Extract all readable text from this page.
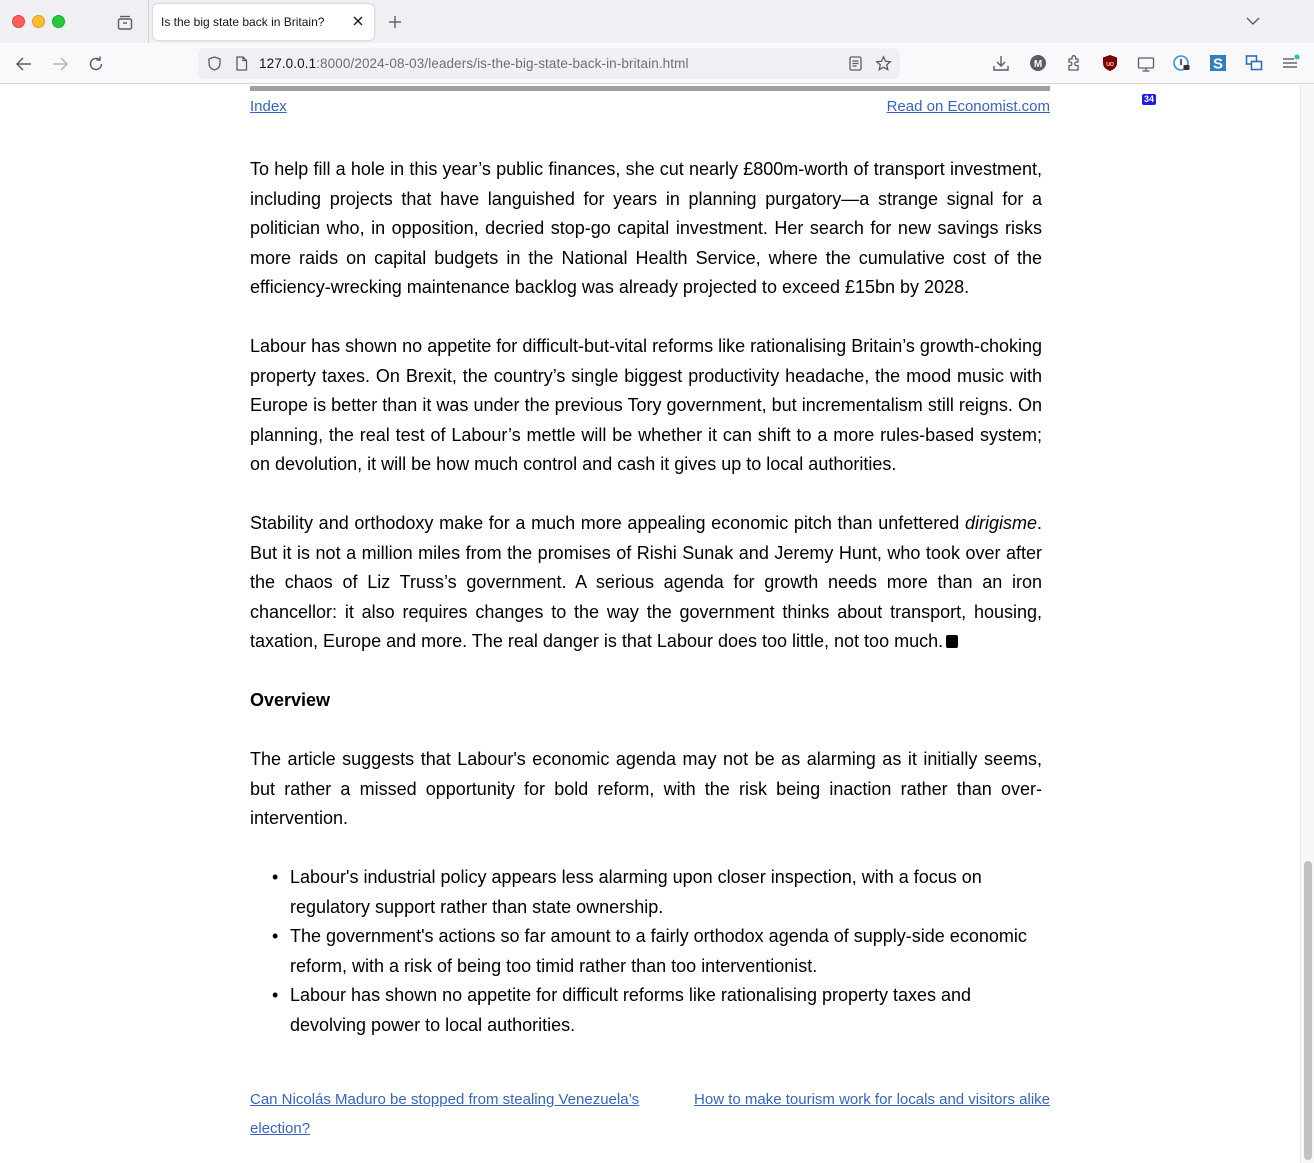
Is the big state back in Britain?
127.0.0.1:8000/2024-08-03/leaders/is-the-big-state-back-in-britain.html	M	uo
34
S
Index	Read on Economist.com

To help fill a hole in this year’s public finances, she cut nearly £800m-worth of transport investment, including projects that have languished for years in planning purgatory—a strange signal for a politician who, in opposition, decried stop-go capital investment. Her search for new savings risks more raids on capital budgets in the National Health Service, where the cumulative cost of the efficiency-wrecking maintenance backlog was already projected to exceed £15bn by 2028.

Labour has shown no appetite for difficult-but-vital reforms like rationalising Britain’s growth-choking property taxes. On Brexit, the country’s single biggest productivity headache, the mood music with Europe is better than it was under the previous Tory government, but incrementalism still reigns. On planning, the real test of Labour’s mettle will be whether it can shift to a more rules-based system; on devolution, it will be how much control and cash it gives up to local authorities.

Stability and orthodoxy make for a much more appealing economic pitch than unfettered dirigisme. But it is not a million miles from the promises of Rishi Sunak and Jeremy Hunt, who took over after the chaos of Liz Truss’s government. A serious agenda for growth needs more than an iron chancellor: it also requires changes to the way the government thinks about transport, housing, taxation, Europe and more. The real danger is that Labour does too little, not too much.

Overview

The article suggests that Labour's economic agenda may not be as alarming as it initially seems, but rather a missed opportunity for bold reform, with the risk being inaction rather than over-intervention.

• Labour's industrial policy appears less alarming upon closer inspection, with a focus on regulatory support rather than state ownership.
• The government's actions so far amount to a fairly orthodox agenda of supply-side economic reform, with a risk of being too timid rather than too interventionist.
• Labour has shown no appetite for difficult reforms like rationalising property taxes and devolving power to local authorities.
Can Nicolás Maduro be stopped from stealing Venezuela’s election?
How to make tourism work for locals and visitors alike
